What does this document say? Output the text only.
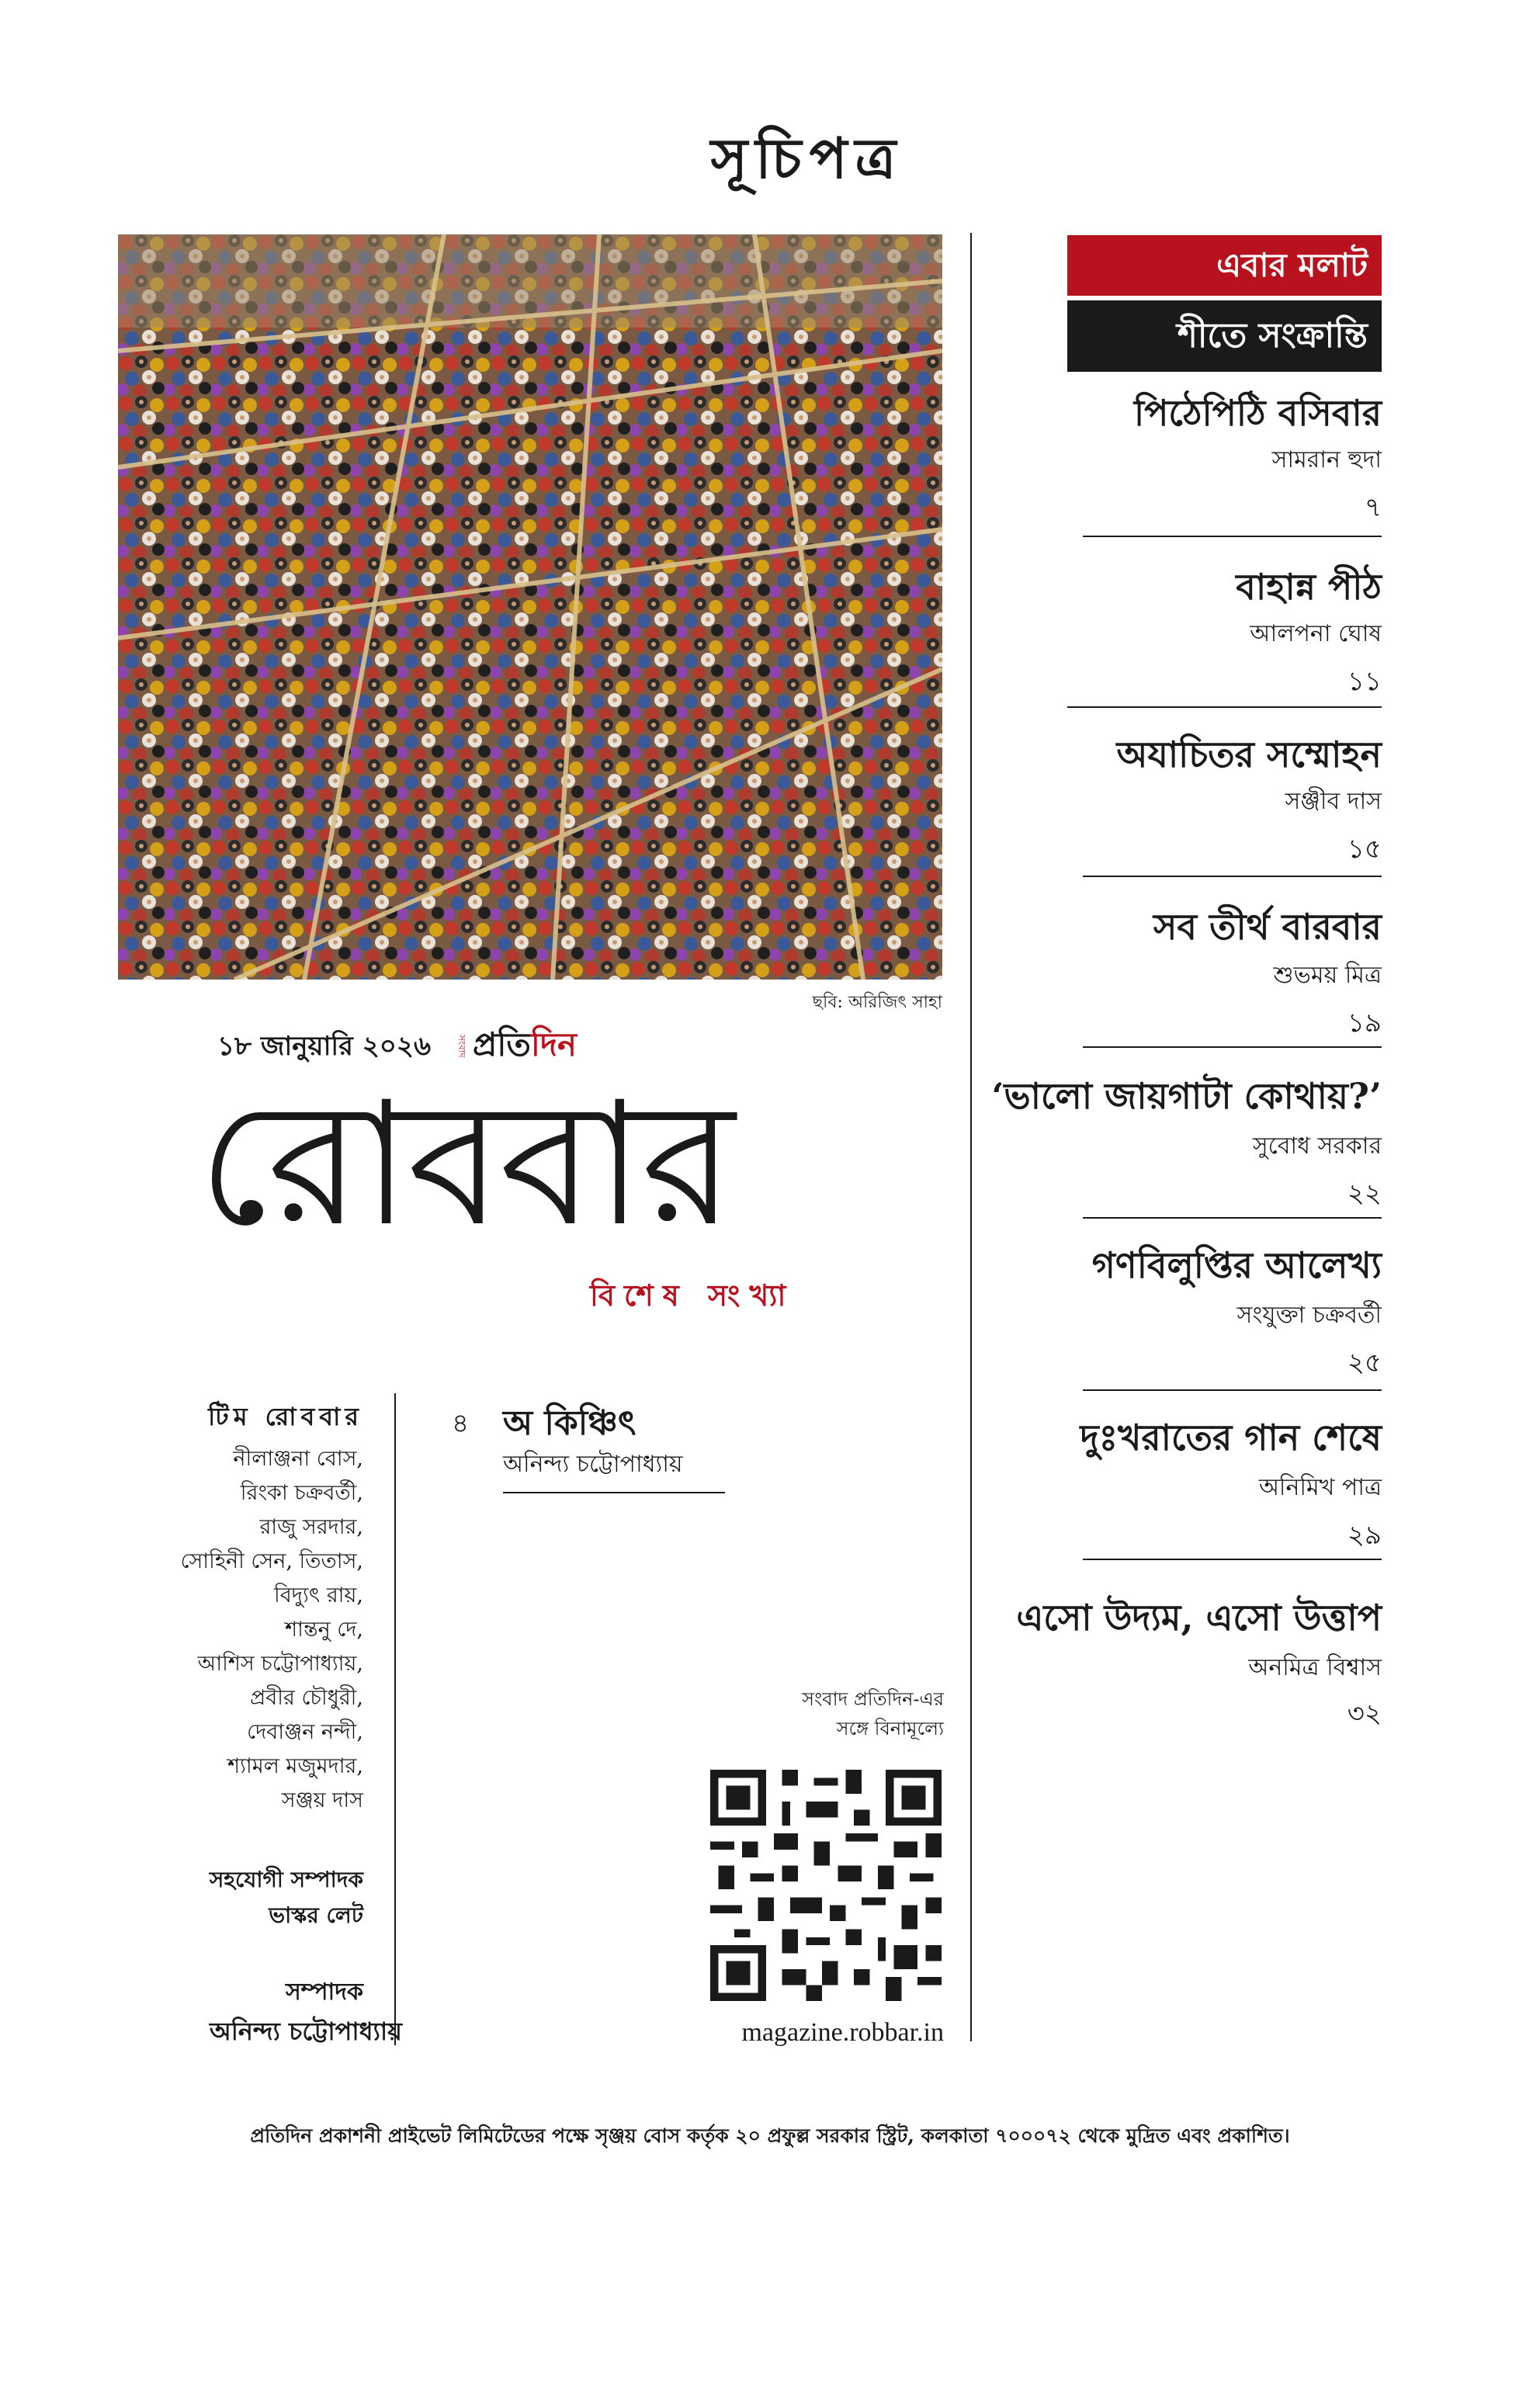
সূচিপত্র
ছবি: অরিজিৎ সাহা
১৮ জানুয়ারি ২০২৬	সংবাদ প্রতি দিন
রোববার
বিশেষ সংখ্যা
টিম রোববার
নীলাঞ্জনা বোস,
রিংকা চক্রবর্তী,
রাজু সরদার,
সোহিনী সেন, তিতাস,
বিদ্যুৎ রায়,
শান্তনু দে,
আশিস চট্টোপাধ্যায়,
প্রবীর চৌধুরী,
দেবাঞ্জন নন্দী,
শ্যামল মজুমদার,
সঞ্জয় দাস
সহযোগী সম্পাদক
ভাস্কর লেট
সম্পাদক
অনিন্দ্য চট্টোপাধ্যায়
৪ অ কিঞ্চিৎ
অনিন্দ্য চট্টোপাধ্যায়
সংবাদ প্রতিদিন-এর
সঙ্গে বিনামূল্যে
magazine.robbar.in
এবার মলাট
শীতে সংক্রান্তি
পিঠেপিঠি বসিবার
সামরান হুদা
৭
বাহান্ন পীঠ
আলপনা ঘোষ
১১
অযাচিতর সম্মোহন
সঞ্জীব দাস
১৫
সব তীর্থ বারবার
শুভময় মিত্র
১৯
‘ভালো জায়গাটা কোথায়?’
সুবোধ সরকার
২২
গণবিলুপ্তির আলেখ্য
সংযুক্তা চক্রবর্তী
২৫
দুঃখরাতের গান শেষে
অনিমিখ পাত্র
২৯
এসো উদ্যম, এসো উত্তাপ
অনমিত্র বিশ্বাস
৩২
প্রতিদিন প্রকাশনী প্রাইভেট লিমিটেডের পক্ষে সৃঞ্জয় বোস কর্তৃক ২০ প্রফুল্ল সরকার স্ট্রিট, কলকাতা ৭০০০৭২ থেকে মুদ্রিত এবং প্রকাশিত।
